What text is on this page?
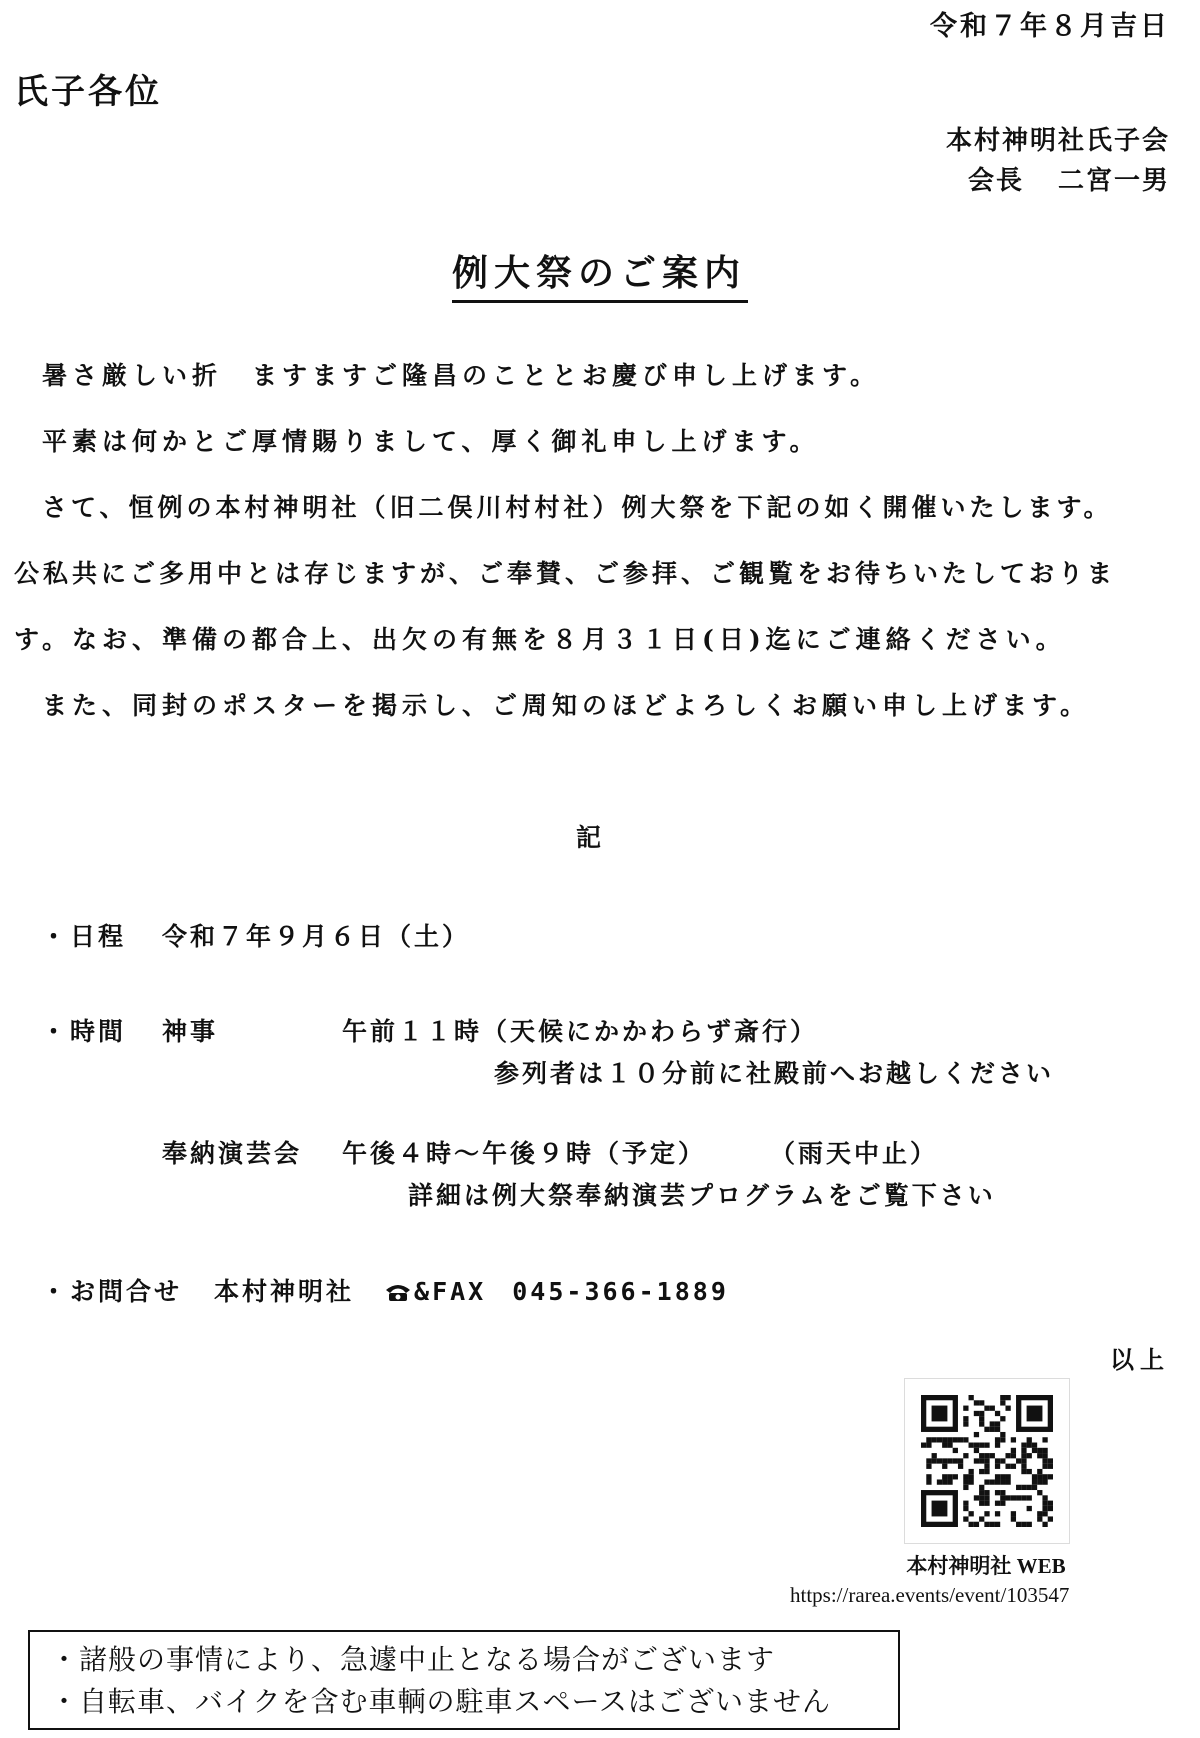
令和７年８月吉日
氏子各位
本村神明社氏子会
会長 二宮一男
例大祭のご案内
暑さ厳しい折　ますますご隆昌のこととお慶び申し上げます。
平素は何かとご厚情賜りまして、厚く御礼申し上げます。
さて、恒例の本村神明社（旧二俣川村村社）例大祭を下記の如く開催いたします。
公私共にご多用中とは存じますが、ご奉賛、ご参拝、ご観覧をお待ちいたしておりま
す。なお、準備の都合上、出欠の有無を８月３１日(日)迄にご連絡ください。
また、同封のポスターを掲示し、ご周知のほどよろしくお願い申し上げます。
記
・日程 令和７年９月６日（土）
・時間 神事	午前１１時（天候にかかわらず斎行）
参列者は１０分前に社殿前へお越しください
奉納演芸会 午後４時～午後９時（予定）	（雨天中止）
詳細は例大祭奉納演芸プログラムをご覧下さい
・お問合せ 本村神明社 &FAX 045-366-1889
以上
本村神明社 WEB
https://rarea.events/event/103547
・諸般の事情により、急遽中止となる場合がございます
・自転車、バイクを含む車輌の駐車スペースはございません
